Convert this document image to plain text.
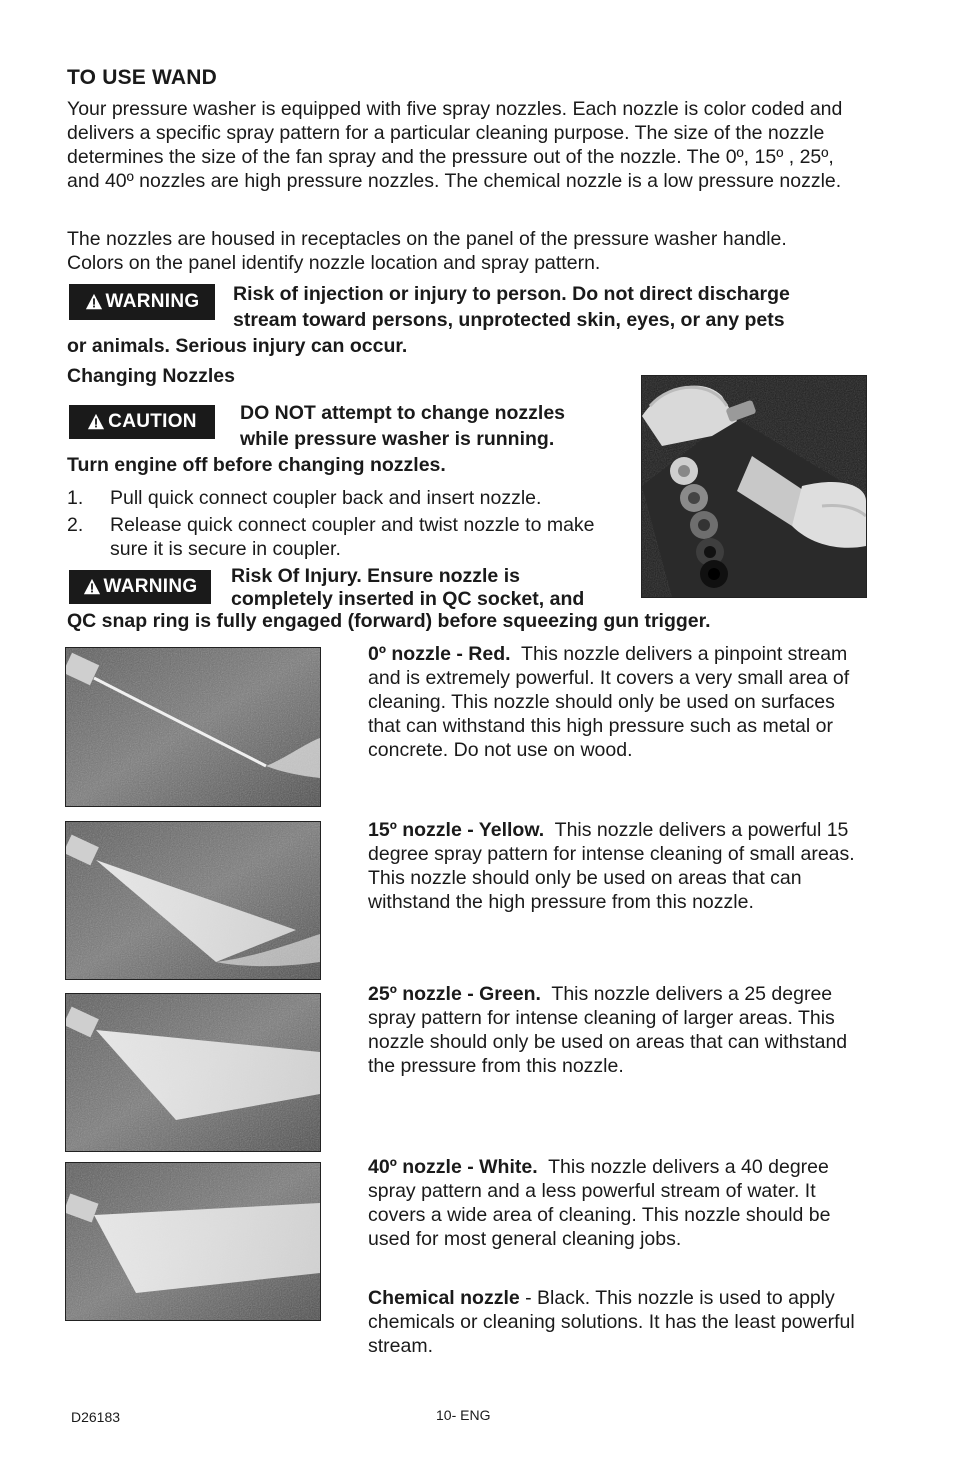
TO USE WAND

Your pressure washer is equipped with five spray nozzles. Each nozzle is color coded and delivers a specific spray pattern for a particular cleaning purpose. The size of the nozzle determines the size of the fan spray and the pressure out of the nozzle. The 0º, 15º , 25º, and 40º nozzles are high pressure nozzles. The chemical nozzle is a low pressure nozzle.

The nozzles are housed in receptacles on the panel of the pressure washer handle. Colors on the panel identify nozzle location and spray pattern.

WARNING Risk of injection or injury to person. Do not direct discharge
stream toward persons, unprotected skin, eyes, or any pets
or animals. Serious injury can occur.
Changing Nozzles
CAUTION DO NOT attempt to change nozzles
while pressure washer is running.
Turn engine off before changing nozzles.
1. Pull quick connect coupler back and insert nozzle.
2. Release quick connect coupler and twist nozzle to make sure it is secure in coupler.
WARNING Risk Of Injury. Ensure nozzle is
completely inserted in QC socket, and
QC snap ring is fully engaged (forward) before squeezing gun trigger.
0º nozzle - Red. This nozzle delivers a pinpoint stream and is extremely powerful. It covers a very small area of cleaning. This nozzle should only be used on surfaces that can withstand this high pressure such as metal or concrete. Do not use on wood.
15º nozzle - Yellow. This nozzle delivers a powerful 15 degree spray pattern for intense cleaning of small areas. This nozzle should only be used on areas that can withstand the high pressure from this nozzle.
25º nozzle - Green. This nozzle delivers a 25 degree spray pattern for intense cleaning of larger areas. This nozzle should only be used on areas that can withstand the pressure from this nozzle.
40º nozzle - White. This nozzle delivers a 40 degree spray pattern and a less powerful stream of water. It covers a wide area of cleaning. This nozzle should be used for most general cleaning jobs.
Chemical nozzle - Black. This nozzle is used to apply chemicals or cleaning solutions. It has the least powerful stream.
D26183	10- ENG
